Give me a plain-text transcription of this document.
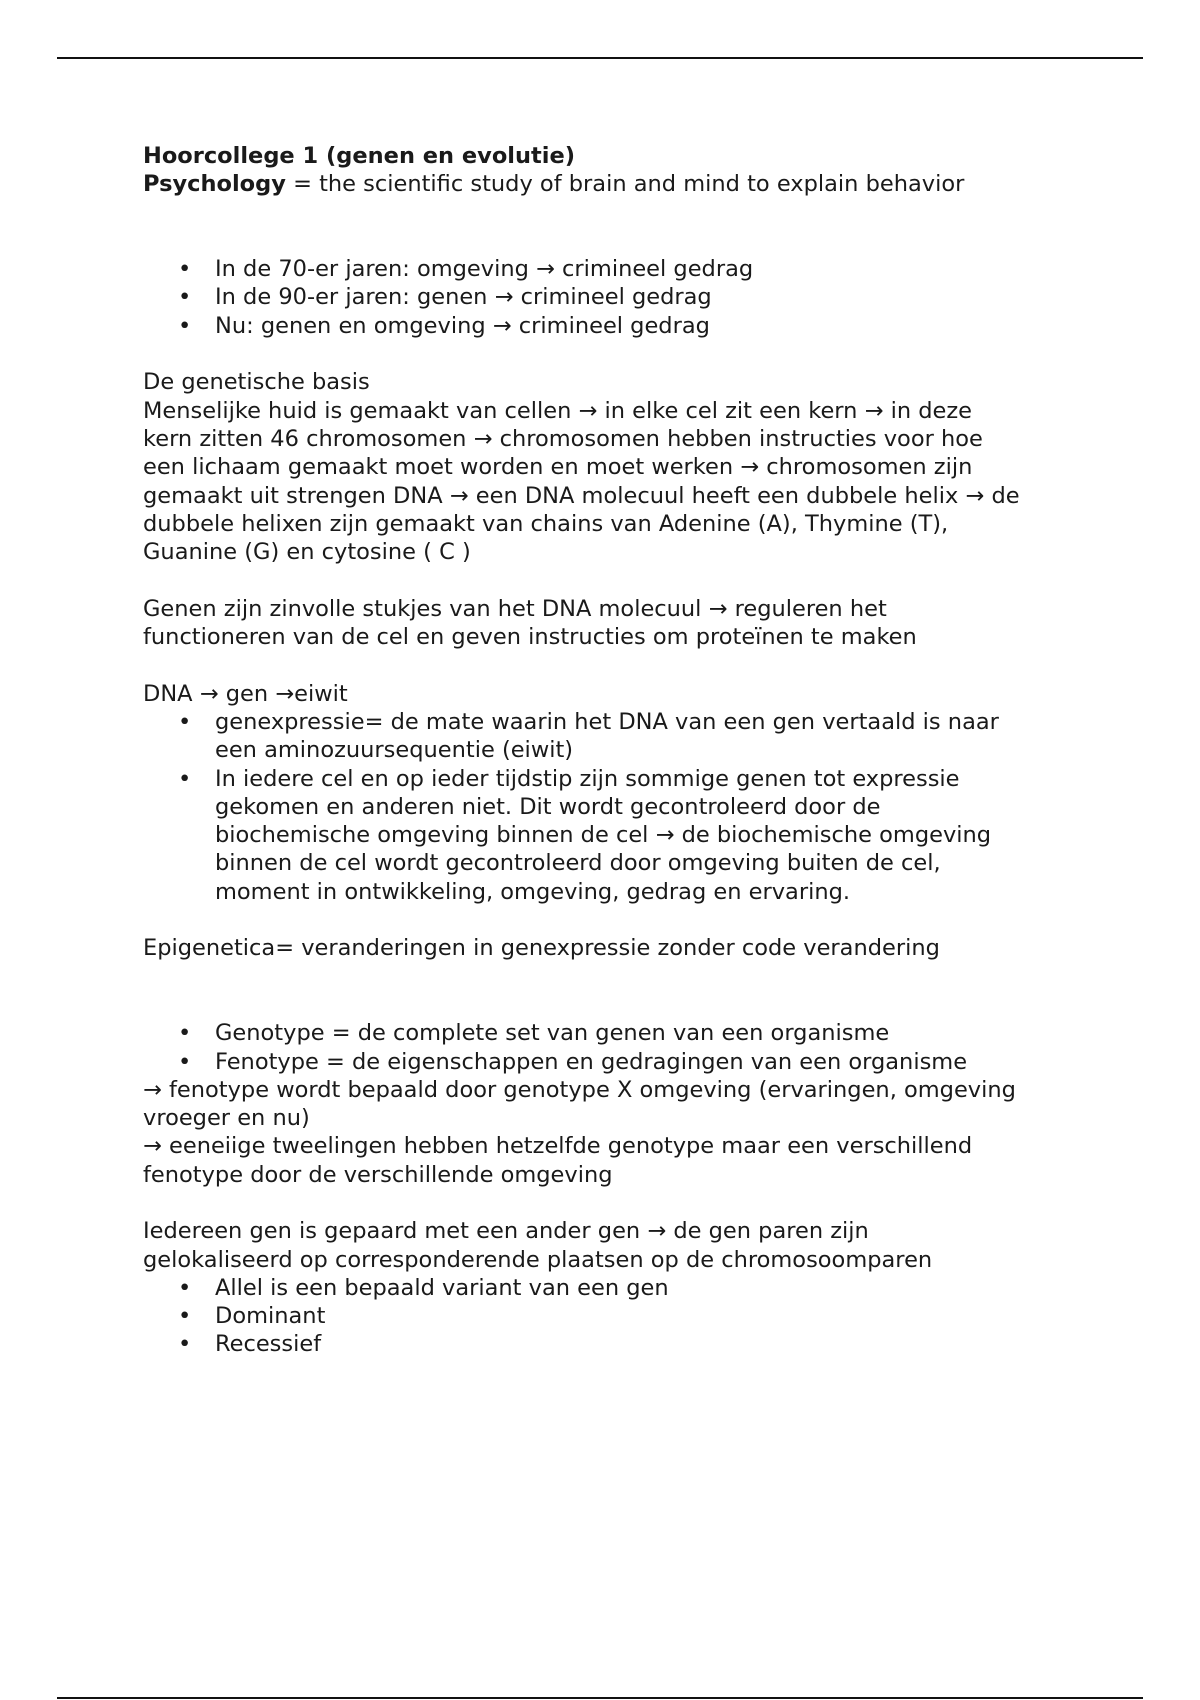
Hoorcollege 1 (genen en evolutie)
Psychology = the scientific study of brain and mind to explain behavior
• In de 70-er jaren: omgeving → crimineel gedrag
• In de 90-er jaren: genen → crimineel gedrag
• Nu: genen en omgeving → crimineel gedrag
De genetische basis
Menselijke huid is gemaakt van cellen → in elke cel zit een kern → in deze
kern zitten 46 chromosomen → chromosomen hebben instructies voor hoe
een lichaam gemaakt moet worden en moet werken → chromosomen zijn
gemaakt uit strengen DNA → een DNA molecuul heeft een dubbele helix → de
dubbele helixen zijn gemaakt van chains van Adenine (A), Thymine (T),
Guanine (G) en cytosine ( C )
Genen zijn zinvolle stukjes van het DNA molecuul → reguleren het
functioneren van de cel en geven instructies om proteïnen te maken
DNA → gen →eiwit
• genexpressie= de mate waarin het DNA van een gen vertaald is naar
een aminozuursequentie (eiwit)
• In iedere cel en op ieder tijdstip zijn sommige genen tot expressie
gekomen en anderen niet. Dit wordt gecontroleerd door de
biochemische omgeving binnen de cel → de biochemische omgeving
binnen de cel wordt gecontroleerd door omgeving buiten de cel,
moment in ontwikkeling, omgeving, gedrag en ervaring.
Epigenetica= veranderingen in genexpressie zonder code verandering
• Genotype = de complete set van genen van een organisme
• Fenotype = de eigenschappen en gedragingen van een organisme
→ fenotype wordt bepaald door genotype X omgeving (ervaringen, omgeving
vroeger en nu)
→ eeneiige tweelingen hebben hetzelfde genotype maar een verschillend
fenotype door de verschillende omgeving
Iedereen gen is gepaard met een ander gen → de gen paren zijn
gelokaliseerd op corresponderende plaatsen op de chromosoomparen
• Allel is een bepaald variant van een gen
• Dominant
• Recessief
